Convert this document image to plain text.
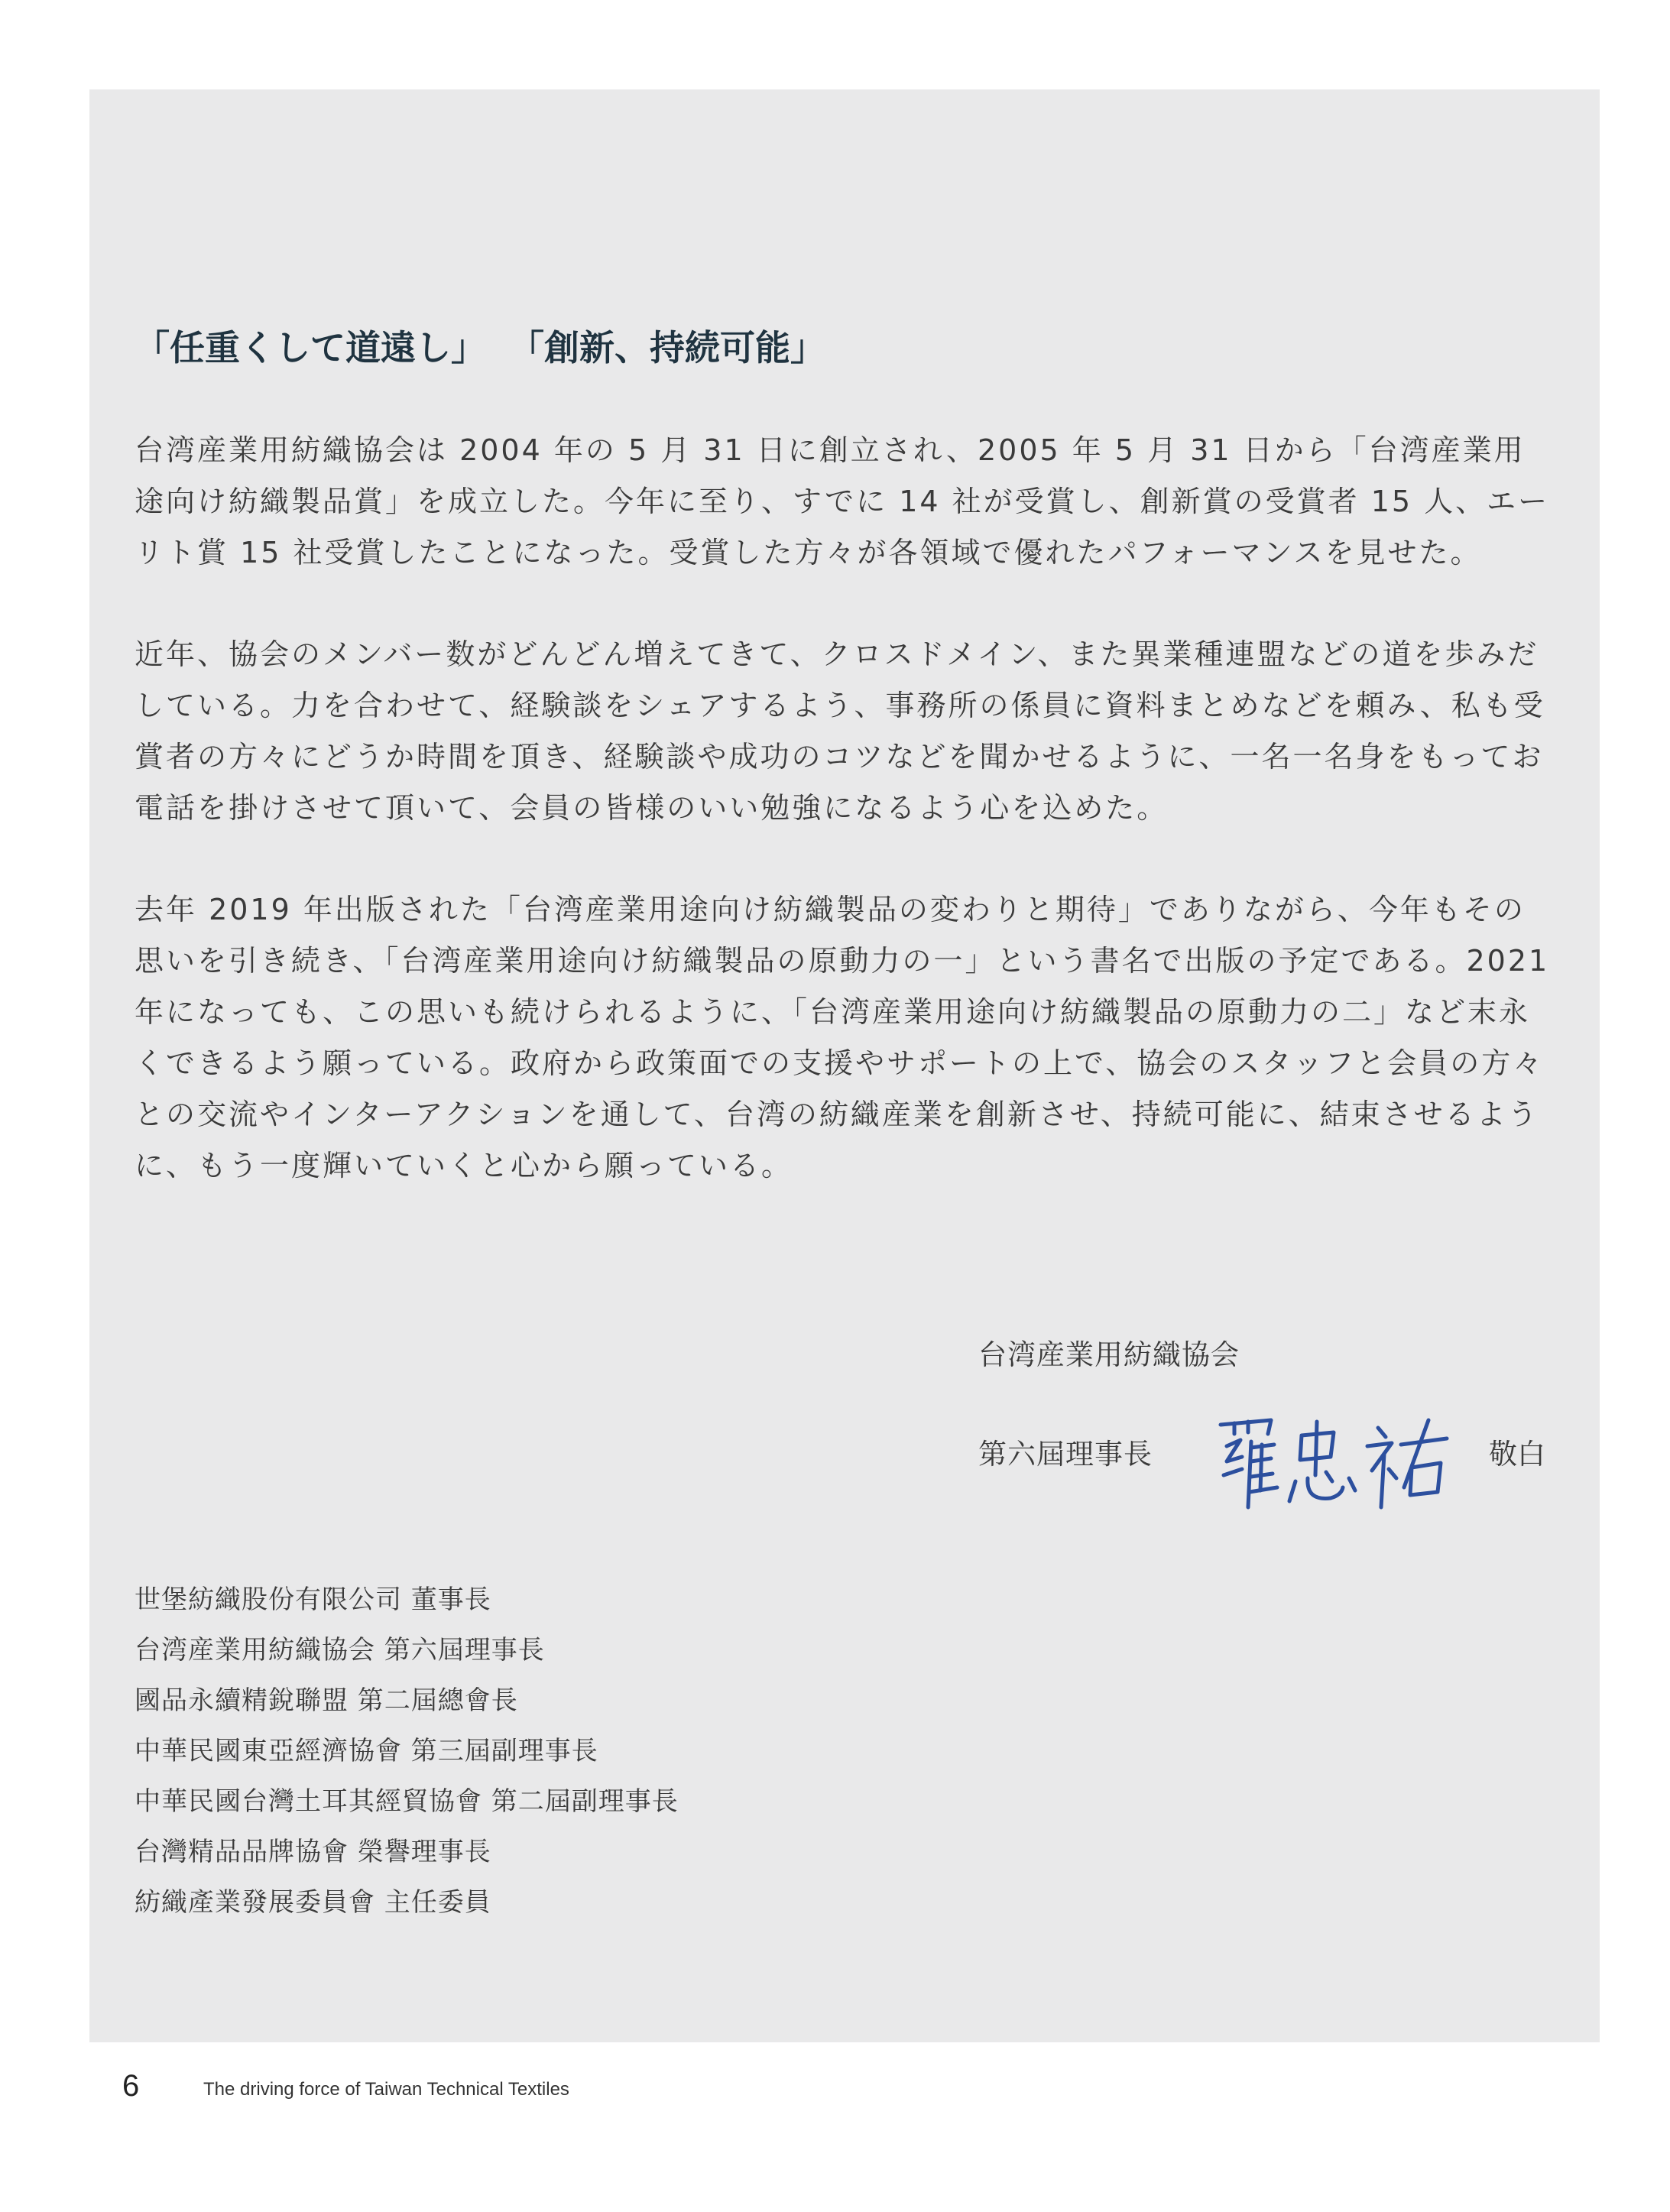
「任重くして道遠し」 「創新、持続可能」

台湾産業用紡織協会は 2004 年の 5 月 31 日に創立され、2005 年 5 月 31 日から「台湾産業用途向け紡織製品賞」を成立した。今年に至り、すでに 14 社が受賞し、創新賞の受賞者 15 人、エーリト賞 15 社受賞したことになった。受賞した方々が各領域で優れたパフォーマンスを見せた。

近年、協会のメンバー数がどんどん増えてきて、クロスドメイン、また異業種連盟などの道を歩みだしている。力を合わせて、経験談をシェアするよう、事務所の係員に資料まとめなどを頼み、私も受賞者の方々にどうか時間を頂き、経験談や成功のコツなどを聞かせるように、一名一名身をもってお電話を掛けさせて頂いて、会員の皆様のいい勉強になるよう心を込めた。

去年 2019 年出版された「台湾産業用途向け紡織製品の変わりと期待」でありながら、今年もその思いを引き続き、「台湾産業用途向け紡織製品の原動力の一」という書名で出版の予定である。2021 年になっても、この思いも続けられるように、「台湾産業用途向け紡織製品の原動力の二」など末永くできるよう願っている。政府から政策面での支援やサポートの上で、協会のスタッフと会員の方々との交流やインターアクションを通して、台湾の紡織産業を創新させ、持続可能に、結束させるように、もう一度輝いていくと心から願っている。

台湾産業用紡織協会
第六屆理事長	敬白
世堡紡織股份有限公司 董事長
台湾産業用紡織協会 第六屆理事長
國品永續精銳聯盟 第二屆總會長
中華民國東亞經濟協會 第三屆副理事長
中華民國台灣土耳其經貿協會 第二屆副理事長
台灣精品品牌協會 榮譽理事長
紡織產業發展委員會 主任委員
6	The driving force of Taiwan Technical Textiles
